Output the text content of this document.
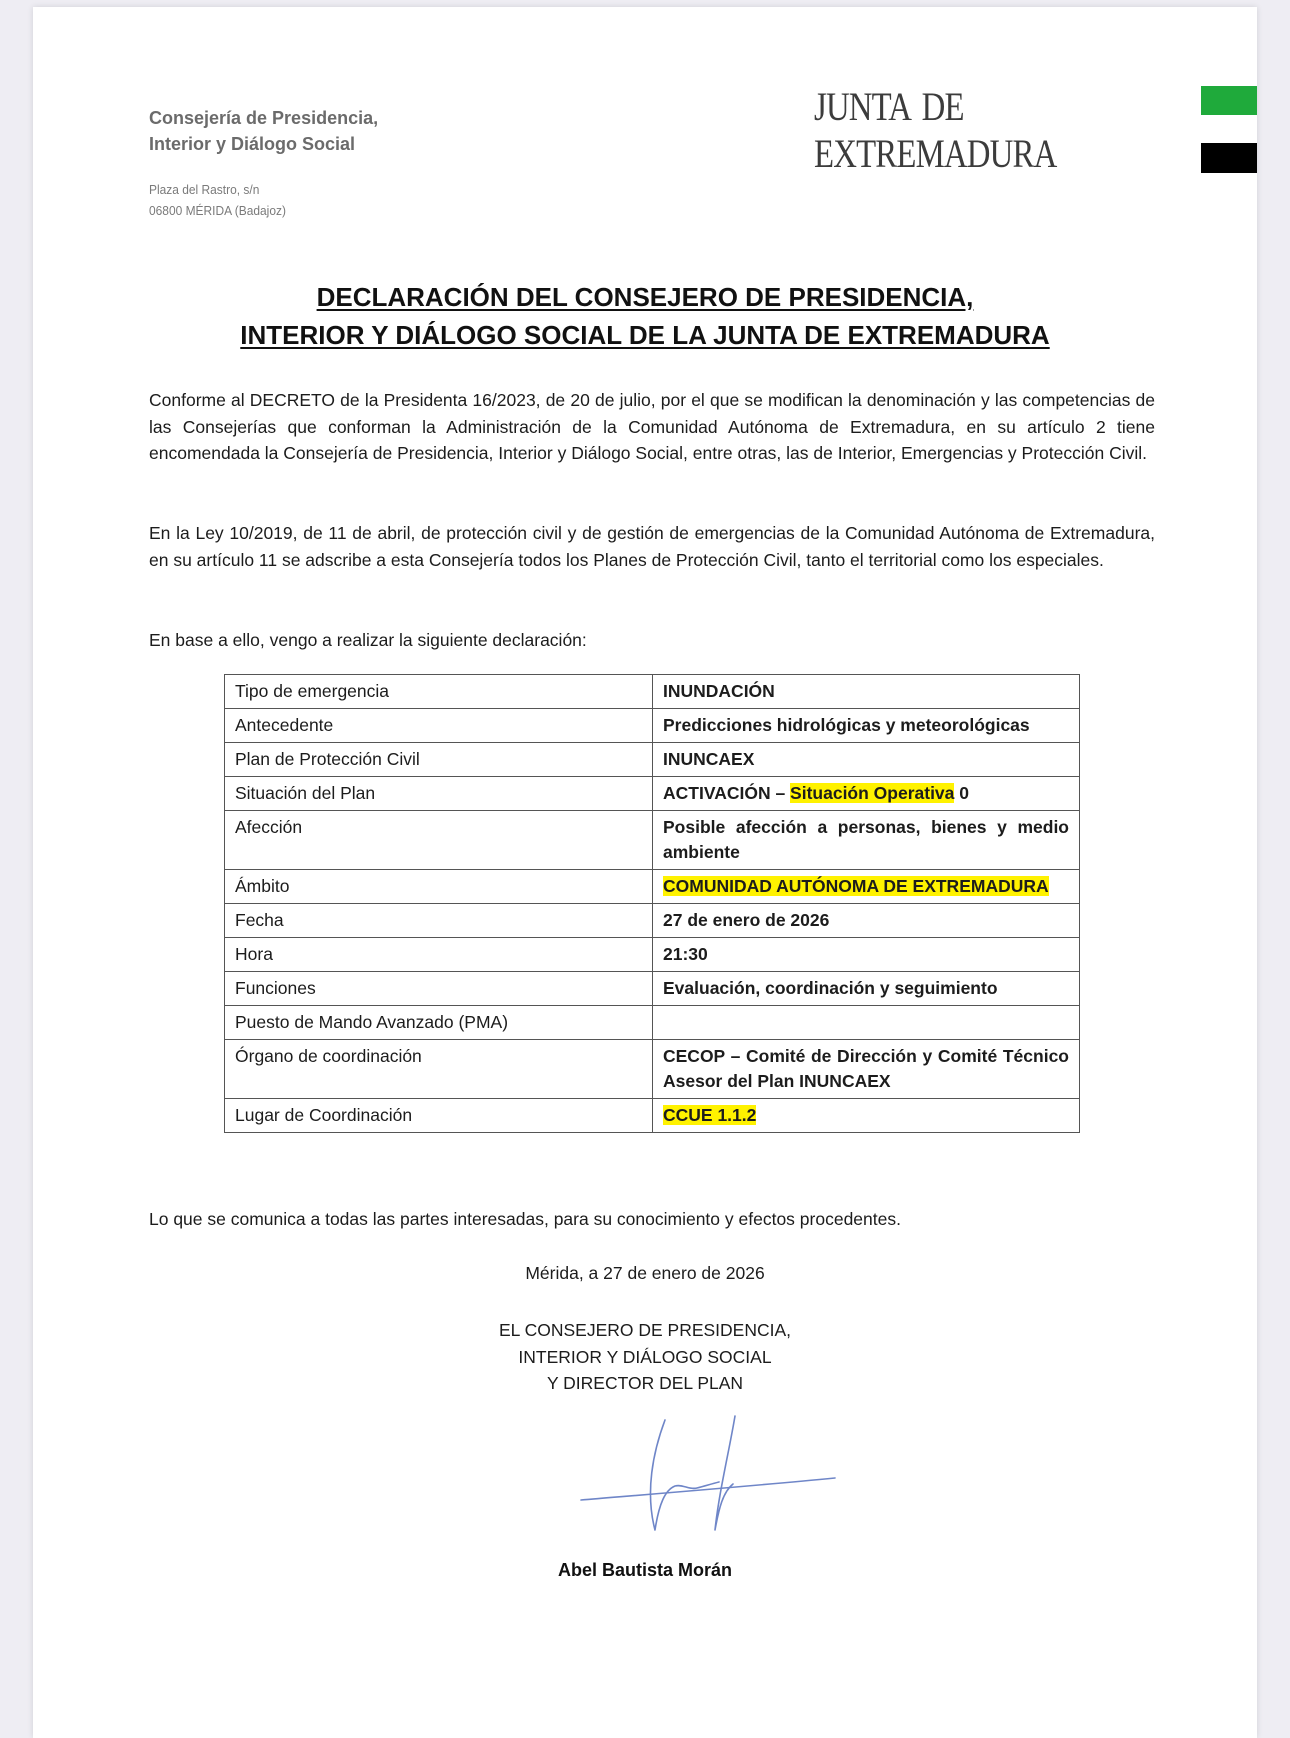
Consejería de Presidencia,
Interior y Diálogo Social
Plaza del Rastro, s/n
06800 MÉRIDA (Badajoz)
JUNTA DE EXTREMADURA
DECLARACIÓN DEL CONSEJERO DE PRESIDENCIA,
INTERIOR Y DIÁLOGO SOCIAL DE LA JUNTA DE EXTREMADURA
Conforme al DECRETO de la Presidenta 16/2023, de 20 de julio, por el que se modifican la denominación y las competencias de las Consejerías que conforman la Administración de la Comunidad Autónoma de Extremadura, en su artículo 2 tiene encomendada la Consejería de Presidencia, Interior y Diálogo Social, entre otras, las de Interior, Emergencias y Protección Civil.
En la Ley 10/2019, de 11 de abril, de protección civil y de gestión de emergencias de la Comunidad Autónoma de Extremadura, en su artículo 11 se adscribe a esta Consejería todos los Planes de Protección Civil, tanto el territorial como los especiales.
En base a ello, vengo a realizar la siguiente declaración:
Tipo de emergencia	INUNDACIÓN
Antecedente	Predicciones hidrológicas y meteorológicas
Plan de Protección Civil	INUNCAEX
Situación del Plan	ACTIVACIÓN – Situación Operativa 0
Afección	Posible afección a personas, bienes y medio ambiente
Ámbito	COMUNIDAD AUTÓNOMA DE EXTREMADURA
Fecha	27 de enero de 2026
Hora	21:30
Funciones	Evaluación, coordinación y seguimiento
Puesto de Mando Avanzado (PMA)	
Órgano de coordinación	CECOP – Comité de Dirección y Comité Técnico Asesor del Plan INUNCAEX
Lugar de Coordinación	CCUE 1.1.2
Lo que se comunica a todas las partes interesadas, para su conocimiento y efectos procedentes.
Mérida, a 27 de enero de 2026
EL CONSEJERO DE PRESIDENCIA,
INTERIOR Y DIÁLOGO SOCIAL
Y DIRECTOR DEL PLAN
Abel Bautista Morán
